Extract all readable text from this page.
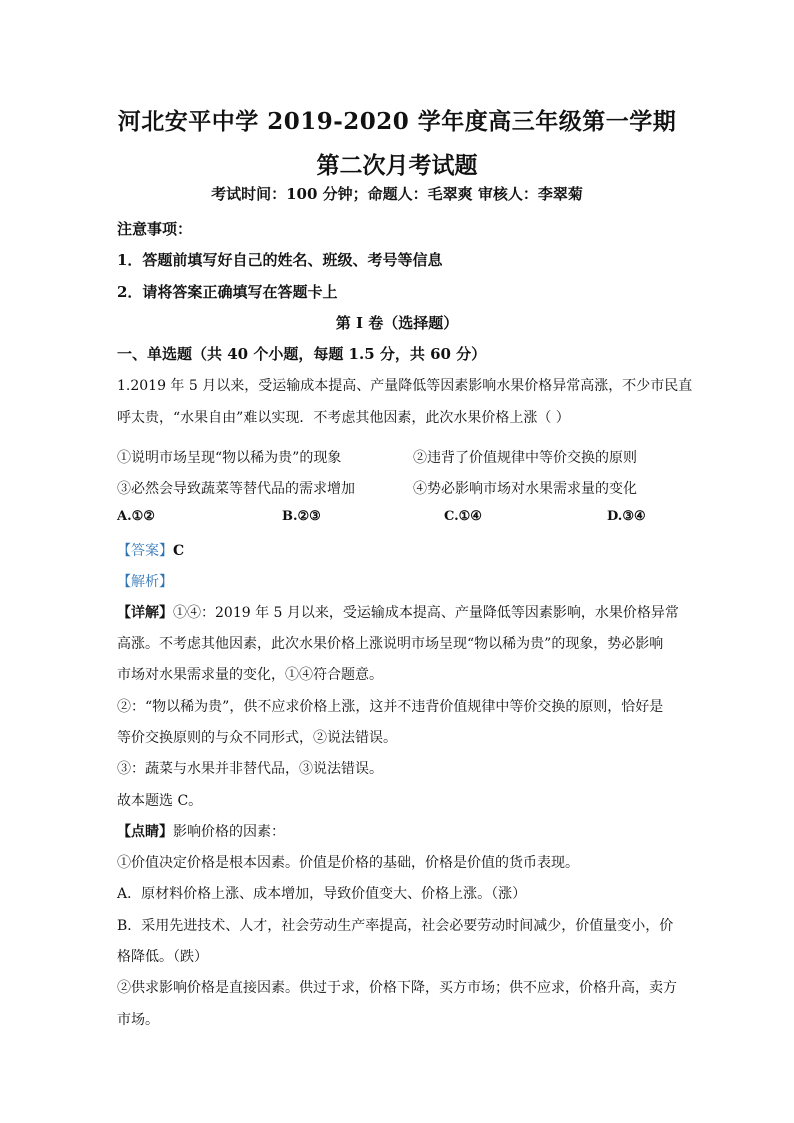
河北安平中学 2019-2020 学年度高三年级第一学期
第二次月考试题
考试时间：100 分钟；命题人：毛翠爽 审核人：李翠菊
注意事项：
1．答题前填写好自己的姓名、班级、考号等信息
2．请将答案正确填写在答题卡上
第 I 卷（选择题）
一、单选题（共 40 个小题，每题 1.5 分，共 60 分）
1.2019 年 5 月以来，受运输成本提高、产量降低等因素影响水果价格异常高涨，不少市民直
呼太贵，“水果自由”难以实现．不考虑其他因素，此次水果价格上涨（ ）
①说明市场呈现“物以稀为贵”的现象	②违背了价值规律中等价交换的原则
③必然会导致蔬菜等替代品的需求增加	④势必影响市场对水果需求量的变化
A.①②	B.②③	C.①④	D.③④
【答案】C
【解析】
【详解】①④：2019 年 5 月以来，受运输成本提高、产量降低等因素影响，水果价格异常
高涨。不考虑其他因素，此次水果价格上涨说明市场呈现“物以稀为贵”的现象，势必影响
市场对水果需求量的变化，①④符合题意。
②：“物以稀为贵”，供不应求价格上涨，这并不违背价值规律中等价交换的原则，恰好是
等价交换原则的与众不同形式，②说法错误。
③：蔬菜与水果并非替代品，③说法错误。
故本题选 C。
【点睛】影响价格的因素：
①价值决定价格是根本因素。价值是价格的基础，价格是价值的货币表现。
A．原材料价格上涨、成本增加，导致价值变大、价格上涨。（涨）
B．采用先进技术、人才，社会劳动生产率提高，社会必要劳动时间减少，价值量变小，价
格降低。（跌）
②供求影响价格是直接因素。供过于求，价格下降，买方市场；供不应求，价格升高，卖方
市场。
